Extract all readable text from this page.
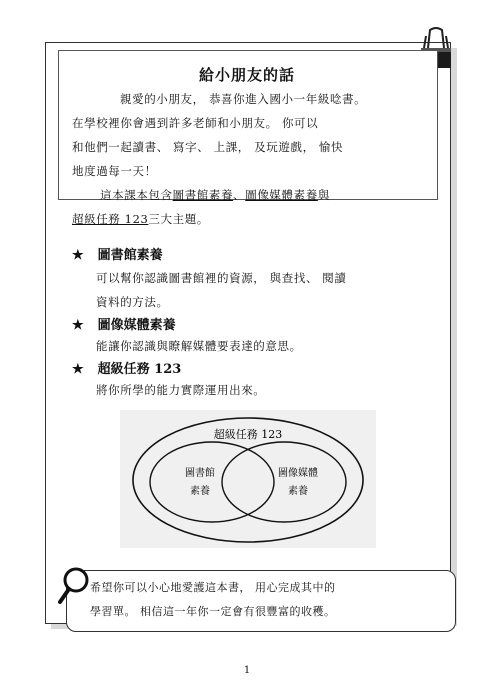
給小朋友的話
親愛的小朋友， 恭喜你進入國小一年級唸書。
在學校裡你會遇到許多老師和小朋友。 你可以
和他們一起讀書、 寫字、 上課， 及玩遊戲， 愉快
地度過每一天！
這本課本包含圖書館素養、圖像媒體素養與
超級任務 123三大主題。
★ 圖書館素養
可以幫你認識圖書館裡的資源， 與查找、 閱讀
資料的方法。
★ 圖像媒體素養
能讓你認識與瞭解媒體要表達的意思。
★ 超級任務 123
將你所學的能力實際運用出來。
超級任務 123
圖書館
素養
圖像媒體
素養
希望你可以小心地愛護這本書， 用心完成其中的
學習單。 相信這一年你一定會有很豐富的收穫。
1
